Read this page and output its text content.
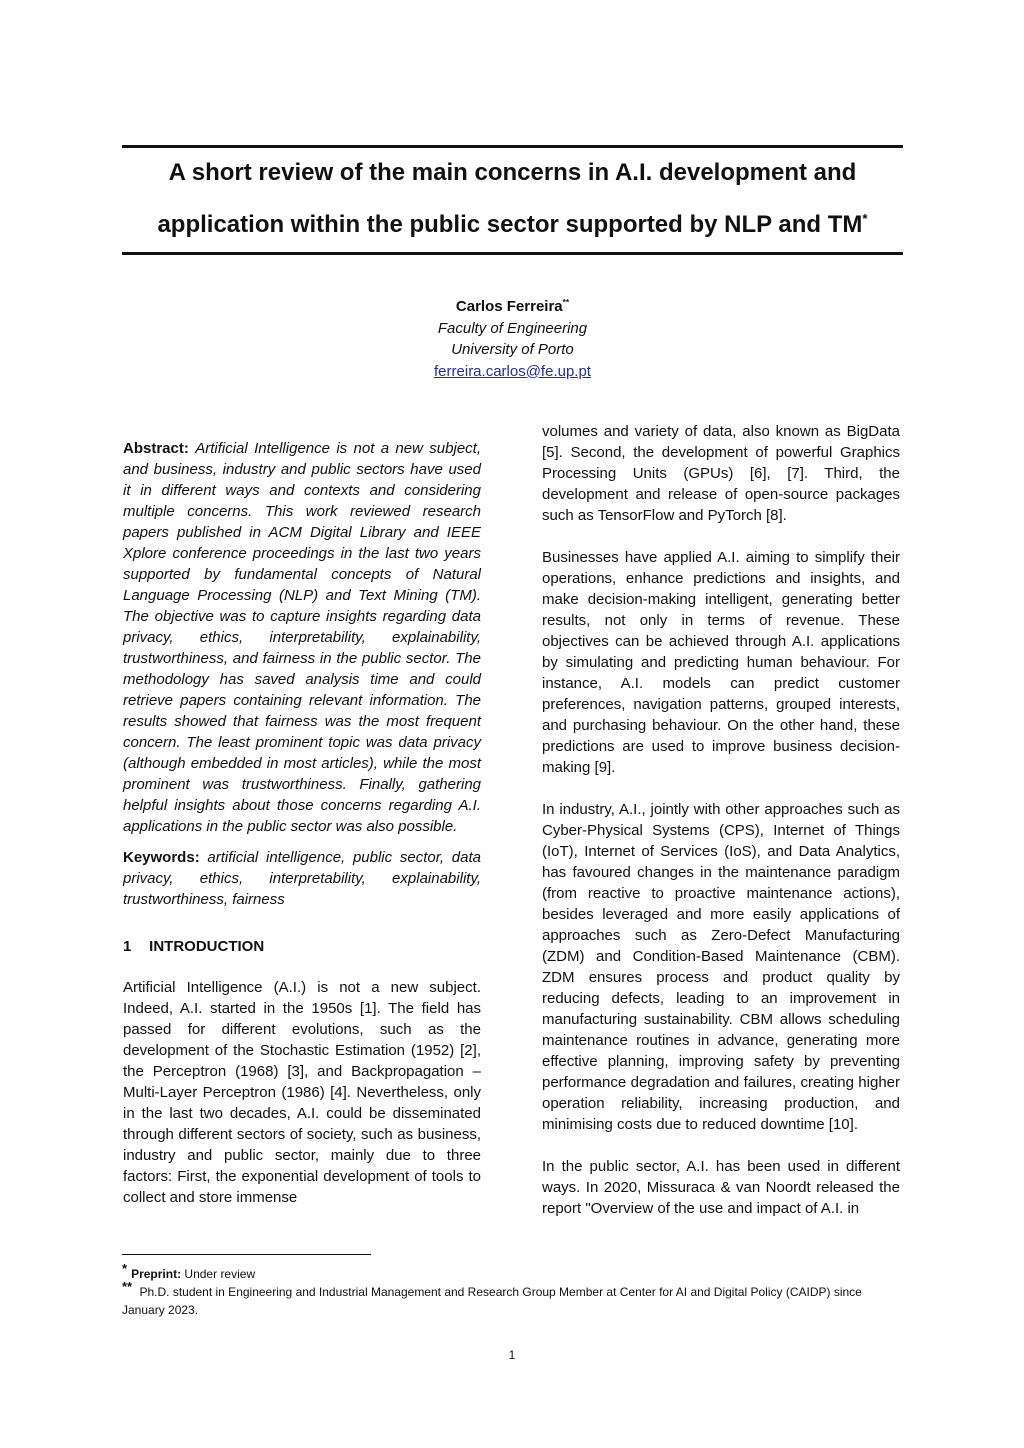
A short review of the main concerns in A.I. development and
application within the public sector supported by NLP and TM*
Carlos Ferreira**
Faculty of Engineering
University of Porto
ferreira.carlos@fe.up.pt

Abstract: Artificial Intelligence is not a new subject, and business, industry and public sectors have used it in different ways and contexts and considering multiple concerns. This work reviewed research papers published in ACM Digital Library and IEEE Xplore conference proceedings in the last two years supported by fundamental concepts of Natural Language Processing (NLP) and Text Mining (TM). The objective was to capture insights regarding data privacy, ethics, interpretability, explainability, trustworthiness, and fairness in the public sector. The methodology has saved analysis time and could retrieve papers containing relevant information. The results showed that fairness was the most frequent concern. The least prominent topic was data privacy (although embedded in most articles), while the most prominent was trustworthiness. Finally, gathering helpful insights about those concerns regarding A.I. applications in the public sector was also possible.

Keywords: artificial intelligence, public sector, data privacy, ethics, interpretability, explainability, trustworthiness, fairness

1 INTRODUCTION

Artificial Intelligence (A.I.) is not a new subject. Indeed, A.I. started in the 1950s [1]. The field has passed for different evolutions, such as the development of the Stochastic Estimation (1952) [2], the Perceptron (1968) [3], and Backpropagation – Multi-Layer Perceptron (1986) [4]. Nevertheless, only in the last two decades, A.I. could be disseminated through different sectors of society, such as business, industry and public sector, mainly due to three factors: First, the exponential development of tools to collect and store immense

volumes and variety of data, also known as BigData [5]. Second, the development of powerful Graphics Processing Units (GPUs) [6], [7]. Third, the development and release of open-source packages such as TensorFlow and PyTorch [8].

Businesses have applied A.I. aiming to simplify their operations, enhance predictions and insights, and make decision-making intelligent, generating better results, not only in terms of revenue. These objectives can be achieved through A.I. applications by simulating and predicting human behaviour. For instance, A.I. models can predict customer preferences, navigation patterns, grouped interests, and purchasing behaviour. On the other hand, these predictions are used to improve business decision-making [9].

In industry, A.I., jointly with other approaches such as Cyber-Physical Systems (CPS), Internet of Things (IoT), Internet of Services (IoS), and Data Analytics, has favoured changes in the maintenance paradigm (from reactive to proactive maintenance actions), besides leveraged and more easily applications of approaches such as Zero-Defect Manufacturing (ZDM) and Condition-Based Maintenance (CBM). ZDM ensures process and product quality by reducing defects, leading to an improvement in manufacturing sustainability. CBM allows scheduling maintenance routines in advance, generating more effective planning, improving safety by preventing performance degradation and failures, creating higher operation reliability, increasing production, and minimising costs due to reduced downtime [10].

In the public sector, A.I. has been used in different ways. In 2020, Missuraca & van Noordt released the report "Overview of the use and impact of A.I. in

* Preprint: Under review

** Ph.D. student in Engineering and Industrial Management and Research Group Member at Center for AI and Digital Policy (CAIDP) since January 2023.

1
